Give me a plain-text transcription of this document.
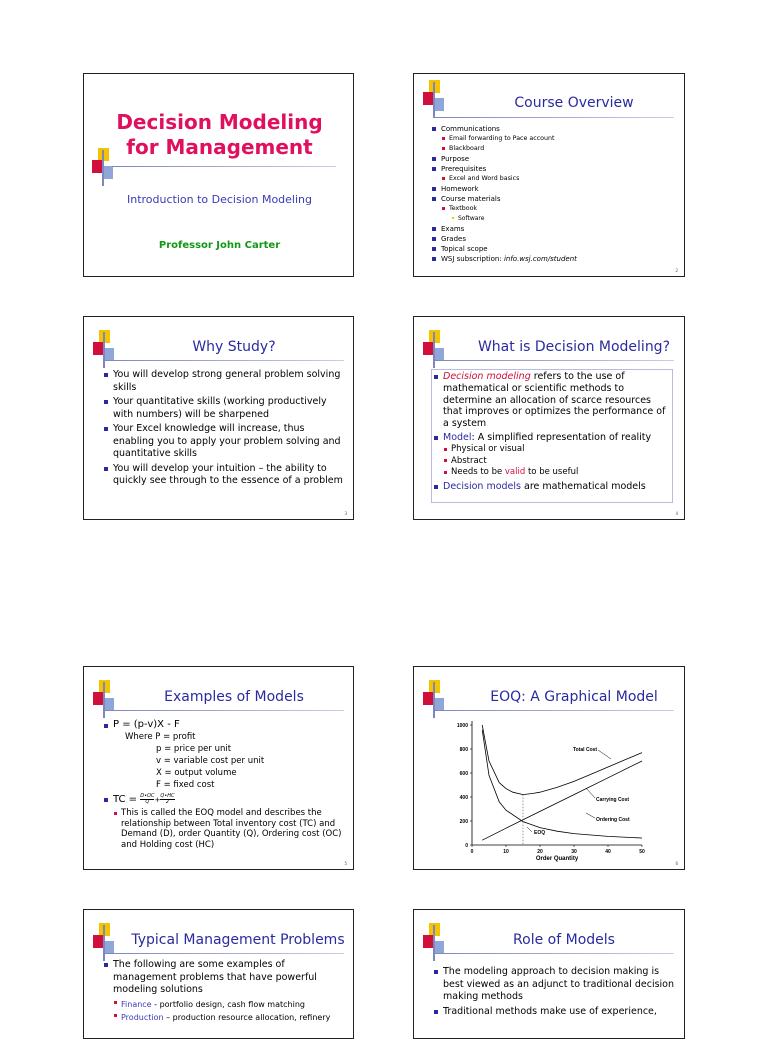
Decision Modeling
for Management
Introduction to Decision Modeling
Professor John Carter
Course Overview
Communications
Email forwarding to Pace account
Blackboard
Purpose
Prerequisites
Excel and Word basics
Homework
Course materials
Textbook
Software
Exams
Grades
Topical scope
WSJ subscription: info.wsj.com/student
2
Why Study?
You will develop strong general problem solving skills
Your quantitative skills (working productively with numbers) will be sharpened
Your Excel knowledge will increase, thus enabling you to apply your problem solving and quantitative skills
You will develop your intuition – the ability to quickly see through to the essence of a problem
3
What is Decision Modeling?
Decision modeling refers to the use of mathematical or scientific methods to determine an allocation of scarce resources that improves or optimizes the performance of a system
Model: A simplified representation of reality
Physical or visual
Abstract
Needs to be valid to be useful
Decision models are mathematical models
4
Examples of Models
P = (p-v)X - F
Where P = profit
p = price per unit
v = variable cost per unit
X = output volume
F = fixed cost
TC = $\frac{D•OC}{Q} + \frac{Q•HC}{2}$
This is called the EOQ model and describes the relationship between Total inventory cost (TC) and Demand (D), order Quantity (Q), Ordering cost (OC) and Holding cost (HC)
5
EOQ: A Graphical Model
0
200
400
600
800
1000
0	10	20	30	40	50
Order Quantity
Total Cost
Carrying Cost
Ordering Cost
EOQ
6
Typical Management Problems
The following are some examples of management problems that have powerful modeling solutions
Finance - portfolio design, cash flow matching
Production – production resource allocation, refinery
Role of Models
The modeling approach to decision making is best viewed as an adjunct to traditional decision making methods
Traditional methods make use of experience,
